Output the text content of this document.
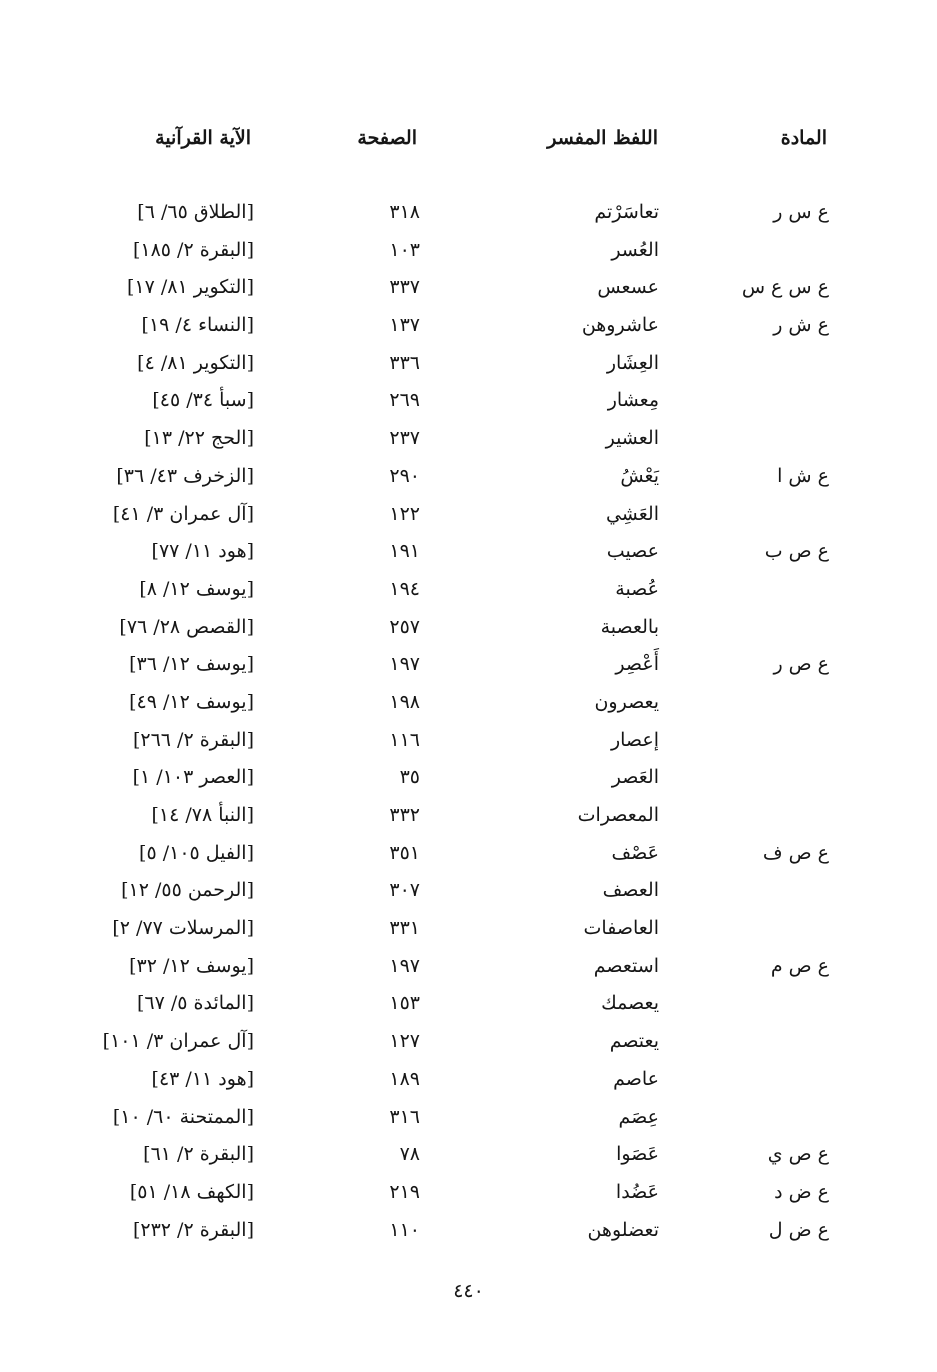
المادة
اللفظ المفسر
الصفحة
الآية القرآنية
ع س ر
تعاسَرْتم
٣١٨
[الطلاق ٦٥/ ٦]
العُسر
١٠٣
[البقرة ٢/ ١٨٥]
ع س ع س
عسعس
٣٣٧
[التكوير ٨١/ ١٧]
ع ش ر
عاشروهن
١٣٧
[النساء ٤/ ١٩]
العِشَار
٣٣٦
[التكوير ٨١/ ٤]
مِعشار
٢٦٩
[سبأ ٣٤/ ٤٥]
العشير
٢٣٧
[الحج ٢٢/ ١٣]
ع ش ا
يَعْشُ
٢٩٠
[الزخرف ٤٣/ ٣٦]
العَشِي
١٢٢
[آل عمران ٣/ ٤١]
ع ص ب
عصيب
١٩١
[هود ١١/ ٧٧]
عُصبة
١٩٤
[يوسف ١٢/ ٨]
بالعصبة
٢٥٧
[القصص ٢٨/ ٧٦]
ع ص ر
أَعْصِر
١٩٧
[يوسف ١٢/ ٣٦]
يعصرون
١٩٨
[يوسف ١٢/ ٤٩]
إعصار
١١٦
[البقرة ٢/ ٢٦٦]
العَصر
٣٥
[العصر ١٠٣/ ١]
المعصرات
٣٣٢
[النبأ ٧٨/ ١٤]
ع ص ف
عَصْف
٣٥١
[الفيل ١٠٥/ ٥]
العصف
٣٠٧
[الرحمن ٥٥/ ١٢]
العاصفات
٣٣١
[المرسلات ٧٧/ ٢]
ع ص م
استعصم
١٩٧
[يوسف ١٢/ ٣٢]
يعصمك
١٥٣
[المائدة ٥/ ٦٧]
يعتصم
١٢٧
[آل عمران ٣/ ١٠١]
عاصم
١٨٩
[هود ١١/ ٤٣]
عِصَم
٣١٦
[الممتحنة ٦٠/ ١٠]
ع ص ي
عَصَوا
٧٨
[البقرة ٢/ ٦١]
ع ض د
عَضُدا
٢١٩
[الكهف ١٨/ ٥١]
ع ض ل
تعضلوهن
١١٠
[البقرة ٢/ ٢٣٢]
٤٤٠
